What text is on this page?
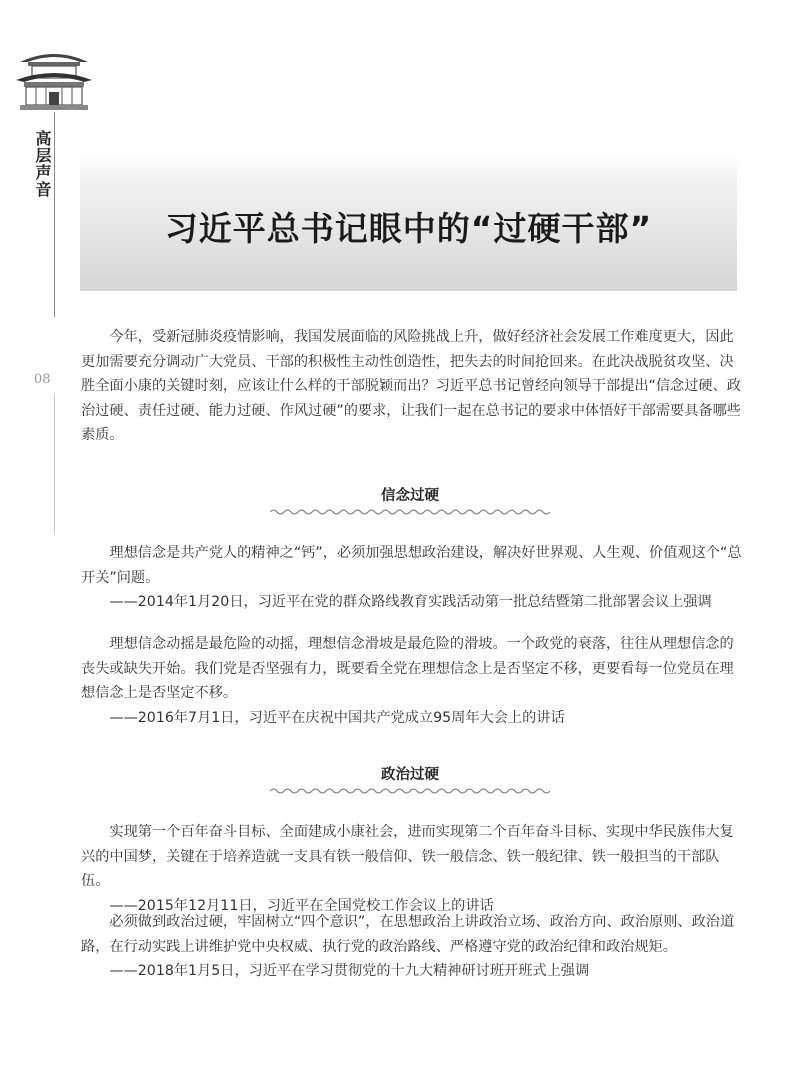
高层声音
08
习近平总书记眼中的“过硬干部”

今年，受新冠肺炎疫情影响，我国发展面临的风险挑战上升，做好经济社会发展工作难度更大，因此更加需要充分调动广大党员、干部的积极性主动性创造性，把失去的时间抢回来。在此决战脱贫攻坚、决胜全面小康的关键时刻，应该让什么样的干部脱颖而出？习近平总书记曾经向领导干部提出“信念过硬、政治过硬、责任过硬、能力过硬、作风过硬”的要求，让我们一起在总书记的要求中体悟好干部需要具备哪些素质。

信念过硬

理想信念是共产党人的精神之“钙”，必须加强思想政治建设，解决好世界观、人生观、价值观这个“总开关”问题。

——2014年1月20日，习近平在党的群众路线教育实践活动第一批总结暨第二批部署会议上强调

理想信念动摇是最危险的动摇，理想信念滑坡是最危险的滑坡。一个政党的衰落，往往从理想信念的丧失或缺失开始。我们党是否坚强有力，既要看全党在理想信念上是否坚定不移，更要看每一位党员在理想信念上是否坚定不移。

——2016年7月1日，习近平在庆祝中国共产党成立95周年大会上的讲话

政治过硬

实现第一个百年奋斗目标、全面建成小康社会，进而实现第二个百年奋斗目标、实现中华民族伟大复兴的中国梦，关键在于培养造就一支具有铁一般信仰、铁一般信念、铁一般纪律、铁一般担当的干部队伍。

——2015年12月11日，习近平在全国党校工作会议上的讲话

必须做到政治过硬，牢固树立“四个意识”，在思想政治上讲政治立场、政治方向、政治原则、政治道路，在行动实践上讲维护党中央权威、执行党的政治路线、严格遵守党的政治纪律和政治规矩。

——2018年1月5日，习近平在学习贯彻党的十九大精神研讨班开班式上强调
